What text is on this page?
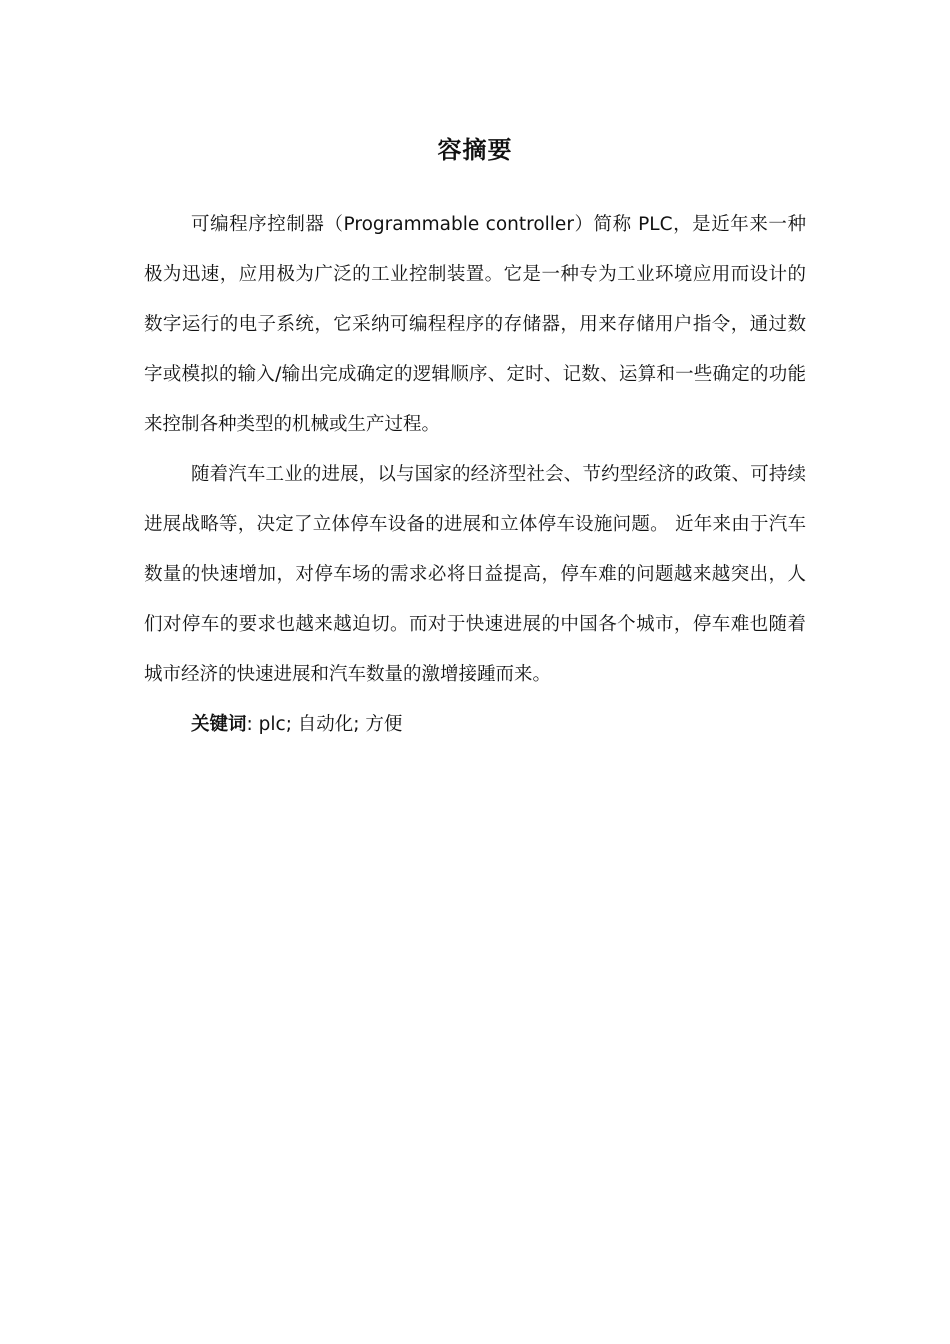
容摘要

可编程序控制器（Programmable controller）简称 PLC，是近年来一种极为迅速，应用极为广泛的工业控制装置。它是一种专为工业环境应用而设计的数字运行的电子系统，它采纳可编程程序的存储器，用来存储用户指令，通过数字或模拟的输入/输出完成确定的逻辑顺序、定时、记数、运算和一些确定的功能来控制各种类型的机械或生产过程。

随着汽车工业的进展，以与国家的经济型社会、节约型经济的政策、可持续进展战略等，决定了立体停车设备的进展和立体停车设施问题。 近年来由于汽车数量的快速增加，对停车场的需求必将日益提高，停车难的问题越来越突出，人们对停车的要求也越来越迫切。而对于快速进展的中国各个城市，停车难也随着城市经济的快速进展和汽车数量的激增接踵而来。

关键词: plc; 自动化; 方便
